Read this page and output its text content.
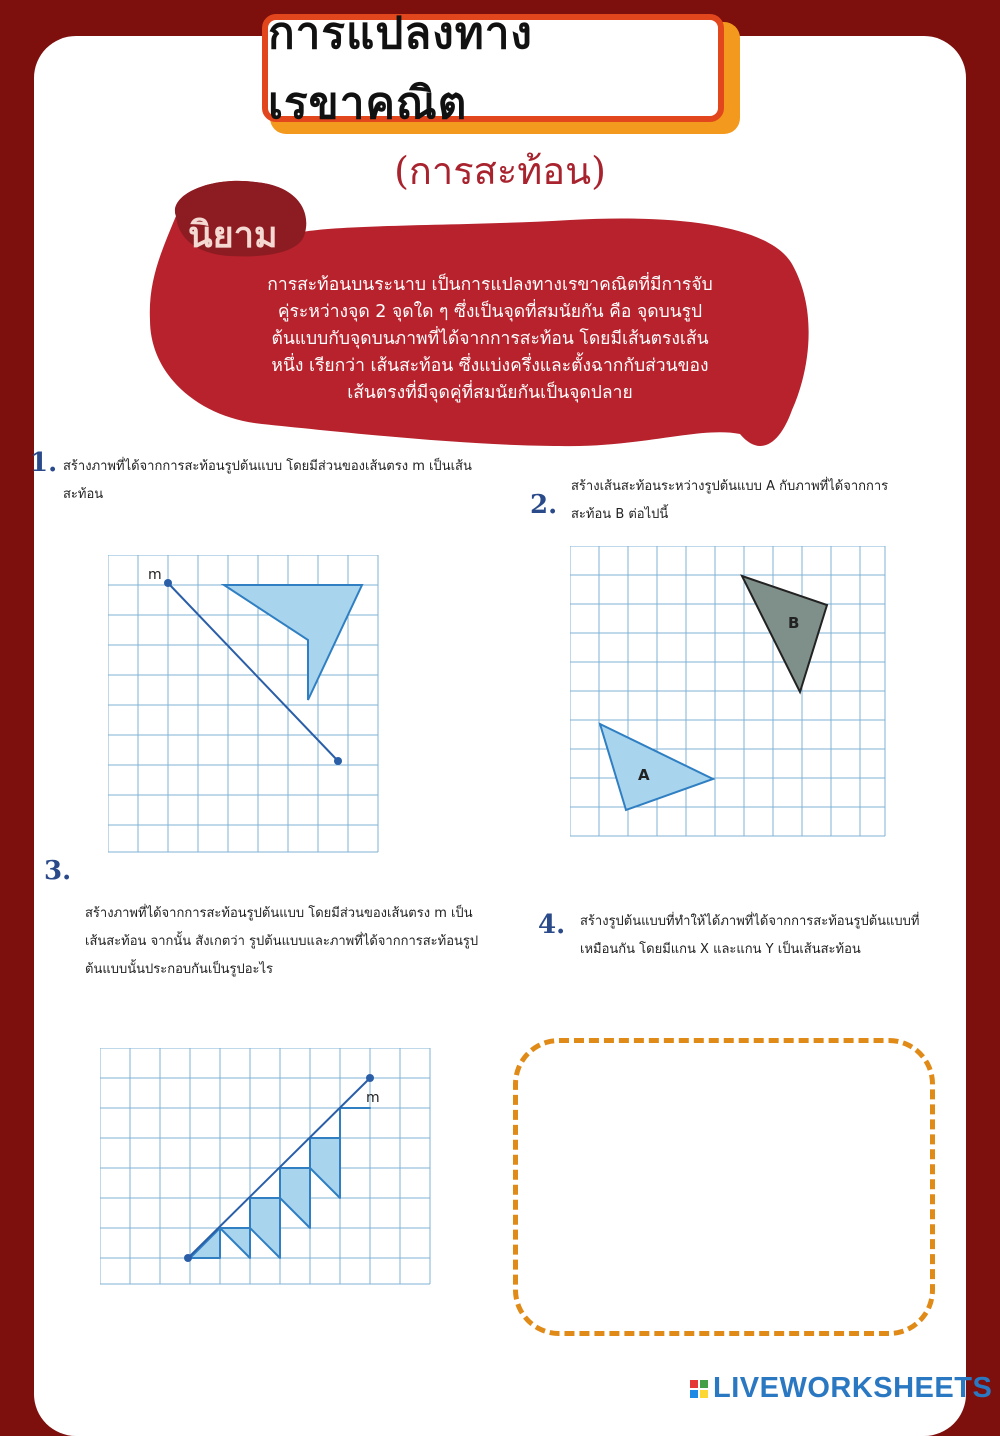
การแปลงทางเรขาคณิต
(การสะท้อน)
นิยาม
การสะท้อนบนระนาบ เป็นการแปลงทางเรขาคณิตที่มีการจับ
คู่ระหว่างจุด 2 จุดใด ๆ ซึ่งเป็นจุดที่สมนัยกัน คือ จุดบนรูป
ต้นแบบกับจุดบนภาพที่ได้จากการสะท้อน โดยมีเส้นตรงเส้น
หนึ่ง เรียกว่า เส้นสะท้อน ซึ่งแบ่งครึ่งและตั้งฉากกับส่วนของ
เส้นตรงที่มีจุดคู่ที่สมนัยกันเป็นจุดปลาย
1. สร้างภาพที่ได้จากการสะท้อนรูปต้นแบบ โดยมีส่วนของเส้นตรง m เป็นเส้น
สะท้อน
m
2.
สร้างเส้นสะท้อนระหว่างรูปต้นแบบ A กับภาพที่ได้จากการ
สะท้อน B ต่อไปนี้
A
B
3.
สร้างภาพที่ได้จากการสะท้อนรูปต้นแบบ โดยมีส่วนของเส้นตรง m เป็น
เส้นสะท้อน จากนั้น สังเกตว่า รูปต้นแบบและภาพที่ได้จากการสะท้อนรูป
ต้นแบบนั้นประกอบกันเป็นรูปอะไร
m
4. สร้างรูปต้นแบบที่ทำให้ได้ภาพที่ได้จากการสะท้อนรูปต้นแบบที่
เหมือนกัน โดยมีแกน X และแกน Y เป็นเส้นสะท้อน
LIVEWORKSHEETS
